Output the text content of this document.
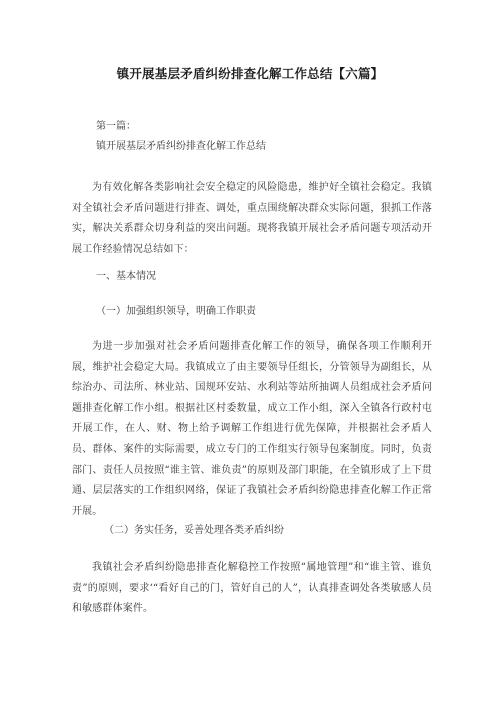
镇开展基层矛盾纠纷排查化解工作总结【六篇】
第一篇：
镇开展基层矛盾纠纷排查化解工作总结
为有效化解各类影响社会安全稳定的风险隐患，维护好全镇社会稳定。我镇对全镇社会矛盾问题进行排查、调处，重点围绕解决群众实际问题，狠抓工作落实，解决关系群众切身利益的突出问题。现将我镇开展社会矛盾问题专项活动开展工作经验情况总结如下：
一、基本情况
（一）加强组织领导，明确工作职责
为进一步加强对社会矛盾问题排查化解工作的领导，确保各项工作顺利开展，维护社会稳定大局。我镇成立了由主要领导任组长，分管领导为副组长，从综治办、司法所、林业站、国规环安站、水利站等站所抽调人员组成社会矛盾问题排查化解工作小组。根据社区村委数量，成立工作小组，深入全镇各行政村屯开展工作，在人、财、物上给予调解工作组进行优先保障，并根据社会矛盾人员、群体、案件的实际需要，成立专门的工作组实行领导包案制度。同时，负责部门、责任人员按照“谁主管、谁负责”的原则及部门职能，在全镇形成了上下贯通、层层落实的工作组织网络，保证了我镇社会矛盾纠纷隐患排查化解工作正常开展。
（二）务实任务，妥善处理各类矛盾纠纷
我镇社会矛盾纠纷隐患排查化解稳控工作按照“属地管理”和“谁主管、谁负责”的原则，要求‘“看好自己的门，管好自己的人”，认真排查调处各类敏感人员和敏感群体案件。
